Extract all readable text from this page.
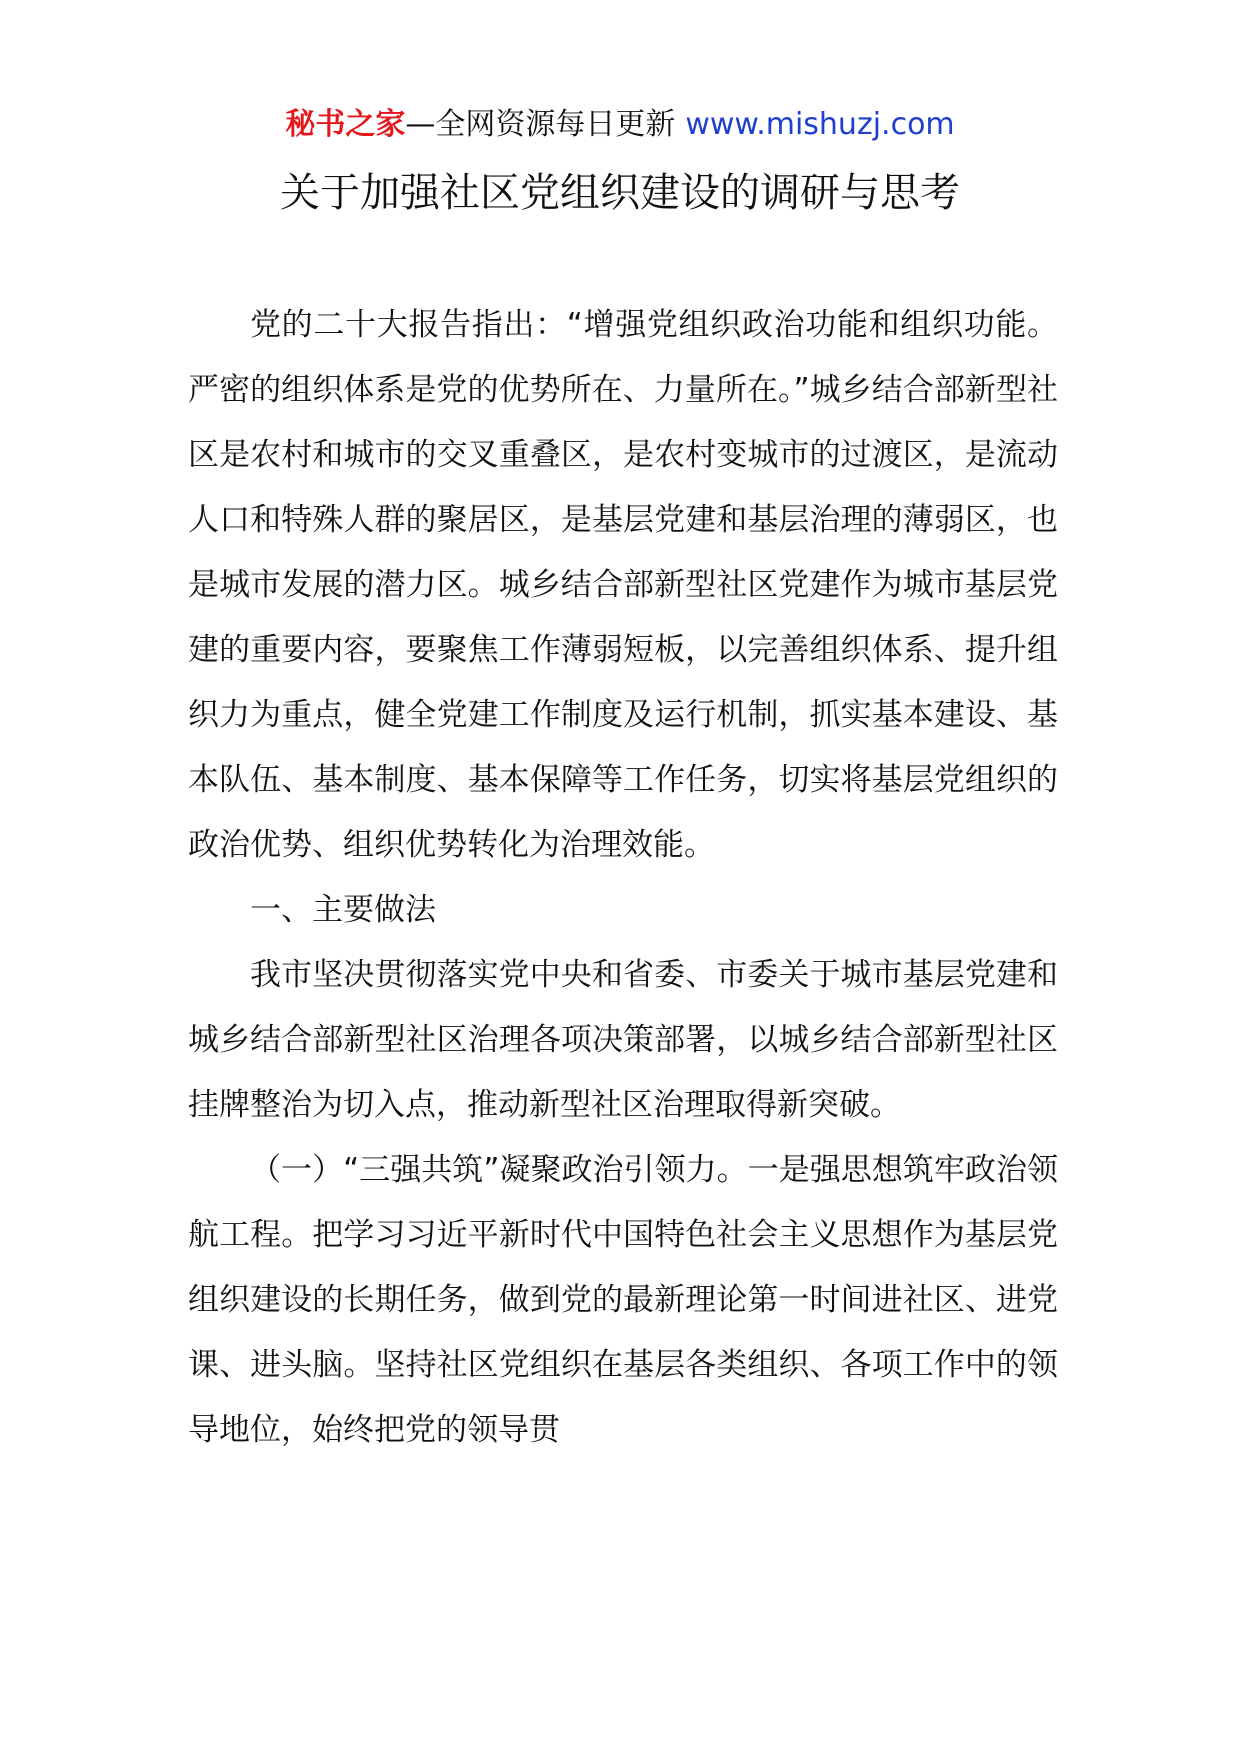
秘书之家—全网资源每日更新 www.mishuzj.com
关于加强社区党组织建设的调研与思考

党的二十大报告指出：“增强党组织政治功能和组织功能。严密的组织体系是党的优势所在、力量所在。”城乡结合部新型社区是农村和城市的交叉重叠区，是农村变城市的过渡区，是流动人口和特殊人群的聚居区，是基层党建和基层治理的薄弱区，也是城市发展的潜力区。城乡结合部新型社区党建作为城市基层党建的重要内容，要聚焦工作薄弱短板，以完善组织体系、提升组织力为重点，健全党建工作制度及运行机制，抓实基本建设、基本队伍、基本制度、基本保障等工作任务，切实将基层党组织的政治优势、组织优势转化为治理效能。

一、主要做法

我市坚决贯彻落实党中央和省委、市委关于城市基层党建和城乡结合部新型社区治理各项决策部署，以城乡结合部新型社区挂牌整治为切入点，推动新型社区治理取得新突破。

（一）“三强共筑”凝聚政治引领力。一是强思想筑牢政治领航工程。把学习习近平新时代中国特色社会主义思想作为基层党组织建设的长期任务，做到党的最新理论第一时间进社区、进党课、进头脑。坚持社区党组织在基层各类组织、各项工作中的领导地位，始终把党的领导贯
